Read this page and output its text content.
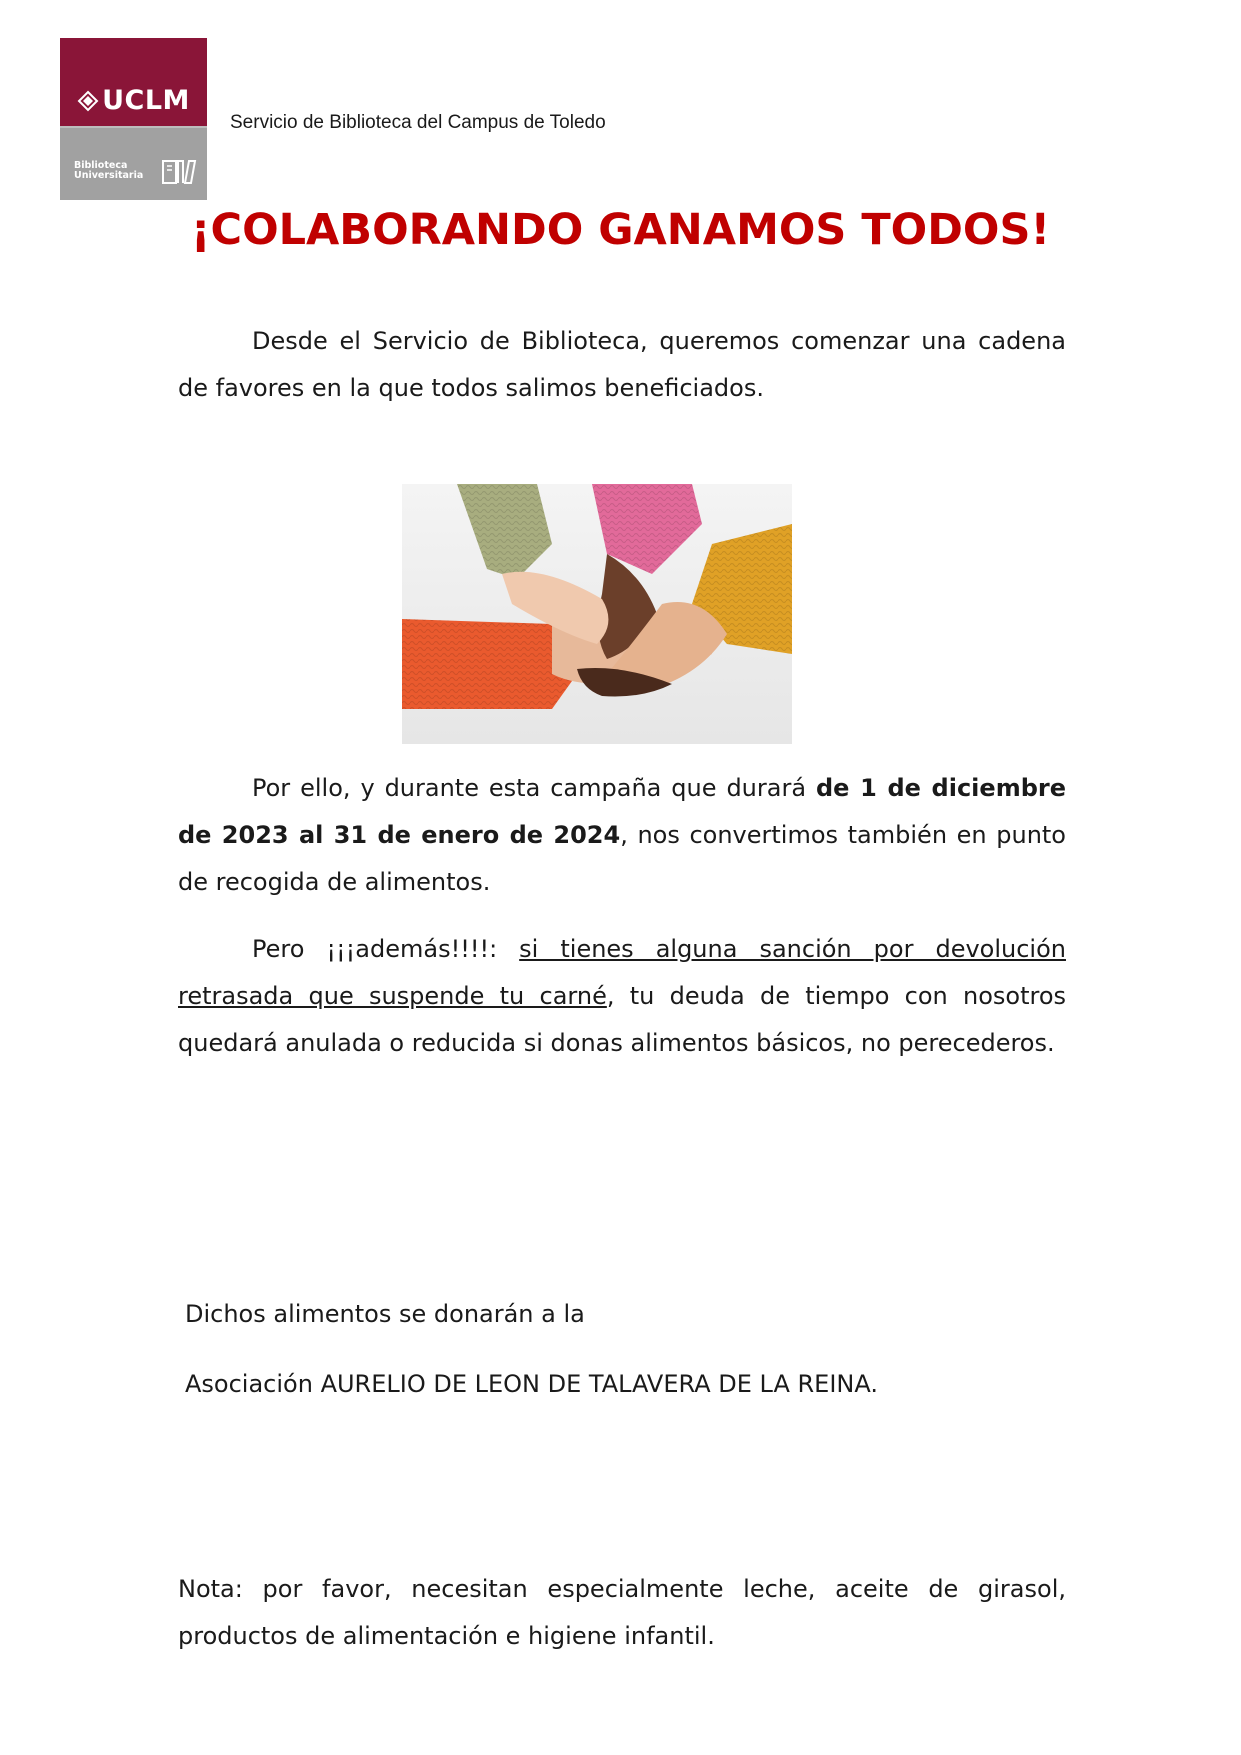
UCLM
Biblioteca
Universitaria
Servicio de Biblioteca del Campus de Toledo
¡COLABORANDO GANAMOS TODOS!
Desde el Servicio de Biblioteca, queremos comenzar una cadena de favores en la que todos salimos beneficiados.
Por ello, y durante esta campaña que durará de 1 de diciembre de 2023 al 31 de enero de 2024, nos convertimos también en punto de recogida de alimentos.
Pero ¡¡¡además!!!!: si tienes alguna sanción por devolución retrasada que suspende tu carné, tu deuda de tiempo con nosotros quedará anulada o reducida si donas alimentos básicos, no perecederos.
Dichos alimentos se donarán a la
Asociación AURELIO DE LEON DE TALAVERA DE LA REINA.
Nota: por favor, necesitan especialmente leche, aceite de girasol, productos de alimentación e higiene infantil.
